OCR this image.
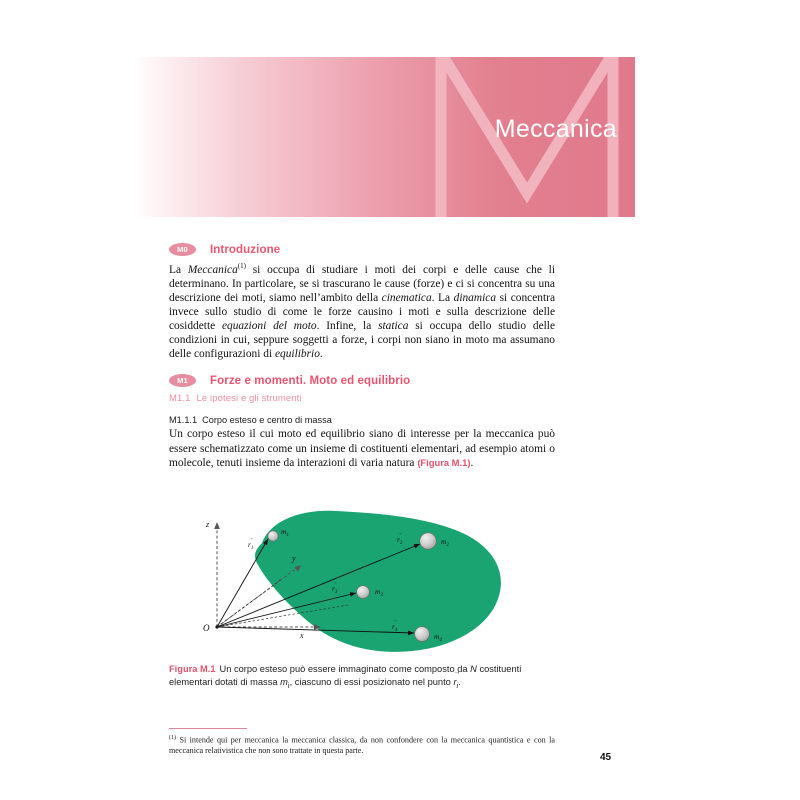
Meccanica
M0	Introduzione

La Meccanica$^{(1)}$ si occupa di studiare i moti dei corpi e delle cause che li determinano. In particolare, se si trascurano le cause (forze) e ci si concentra su una descrizione dei moti, siamo nell’ambito della cinematica. La dinamica si concentra invece sullo studio di come le forze causino i moti e sulla descrizione delle cosiddette equazioni del moto. Infine, la statica si occupa dello studio delle condizioni in cui, seppure soggetti a forze, i corpi non siano in moto ma assumano delle configurazioni di equilibrio.

M1	Forze e momenti. Moto ed equilibrio
M1.1 Le ipotesi e gli strumenti
M1.1.1 Corpo esteso e centro di massa

Un corpo esteso il cui moto ed equilibrio siano di interesse per la meccanica può essere schematizzato come un insieme di costituenti elementari, ad esempio atomi o molecole, tenuti insieme da interazioni di varia natura (Figura M.1).

z
y
x
O
$r_1$
→
$m_1$	$r_2$
→
$m_2$
$r_3$
→
$m_3$
$r_4$
→
$m_4$
Figura M.1 Un corpo esteso può essere immaginato come composto da N costituenti elementari dotati di massa $m_i$, ciascuno di essi posizionato nel punto → $r_i$.
$^{(1)}$ Si intende qui per meccanica la meccanica classica, da non confondere con la meccanica quantistica e con la meccanica relativistica che non sono trattate in questa parte.
45
